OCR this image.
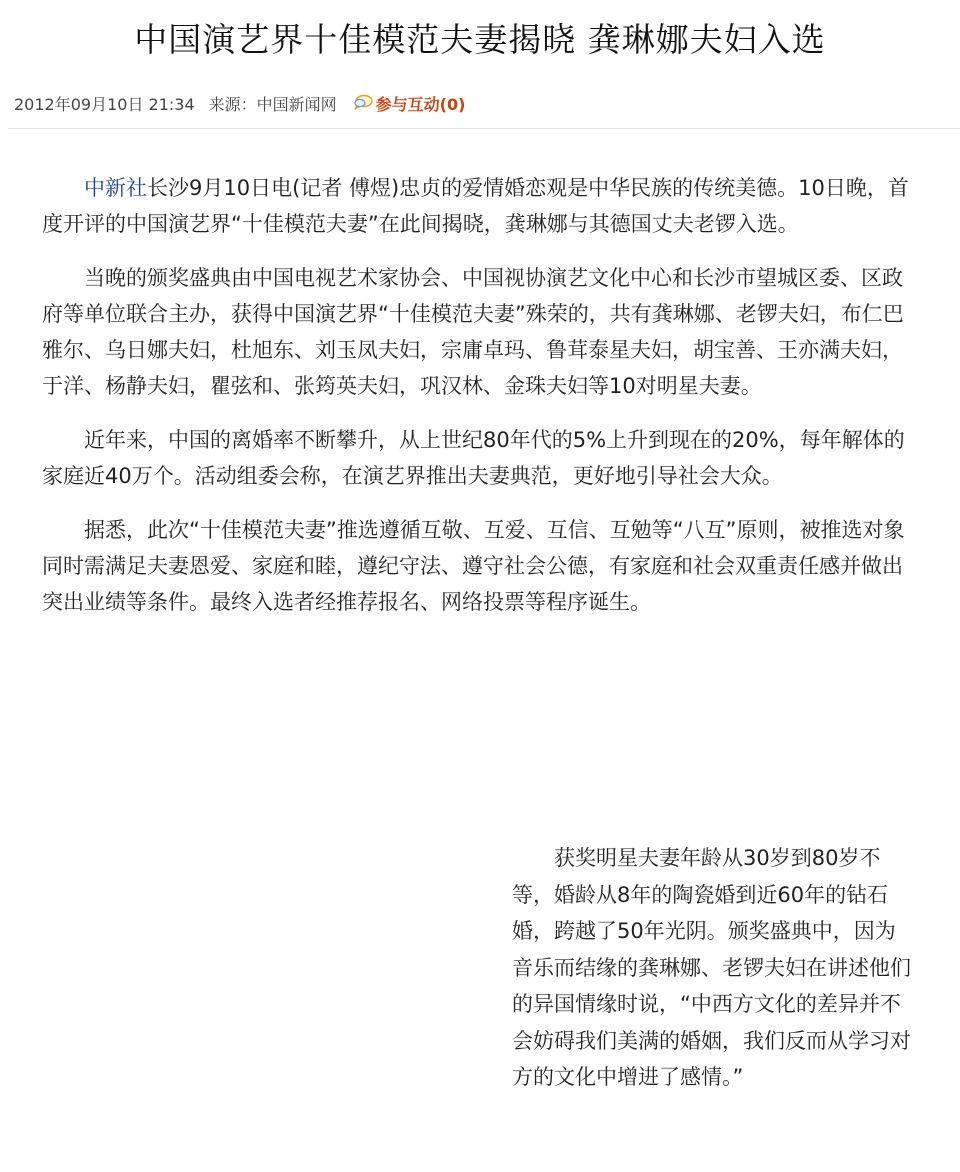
中国演艺界十佳模范夫妻揭晓 龚琳娜夫妇入选
2012年09月10日 21:34 来源： 中国新闻网 参与互动(0)

中新社长沙9月10日电(记者 傅煜)忠贞的爱情婚恋观是中华民族的传统美德。10日晚，首度开评的中国演艺界“十佳模范夫妻”在此间揭晓，龚琳娜与其德国丈夫老锣入选。

当晚的颁奖盛典由中国电视艺术家协会、中国视协演艺文化中心和长沙市望城区委、区政府等单位联合主办，获得中国演艺界“十佳模范夫妻”殊荣的，共有龚琳娜、老锣夫妇，布仁巴雅尔、乌日娜夫妇，杜旭东、刘玉凤夫妇，宗庸卓玛、鲁茸泰星夫妇，胡宝善、王亦满夫妇，于洋、杨静夫妇，瞿弦和、张筠英夫妇，巩汉林、金珠夫妇等10对明星夫妻。

近年来，中国的离婚率不断攀升，从上世纪80年代的5%上升到现在的20%，每年解体的家庭近40万个。活动组委会称，在演艺界推出夫妻典范，更好地引导社会大众。

据悉，此次“十佳模范夫妻”推选遵循互敬、互爱、互信、互勉等“八互”原则，被推选对象同时需满足夫妻恩爱、家庭和睦，遵纪守法、遵守社会公德，有家庭和社会双重责任感并做出突出业绩等条件。最终入选者经推荐报名、网络投票等程序诞生。

获奖明星夫妻年龄从30岁到80岁不等，婚龄从8年的陶瓷婚到近60年的钻石婚，跨越了50年光阴。颁奖盛典中，因为音乐而结缘的龚琳娜、老锣夫妇在讲述他们的异国情缘时说，“中西方文化的差异并不会妨碍我们美满的婚姻，我们反而从学习对方的文化中增进了感情。”
